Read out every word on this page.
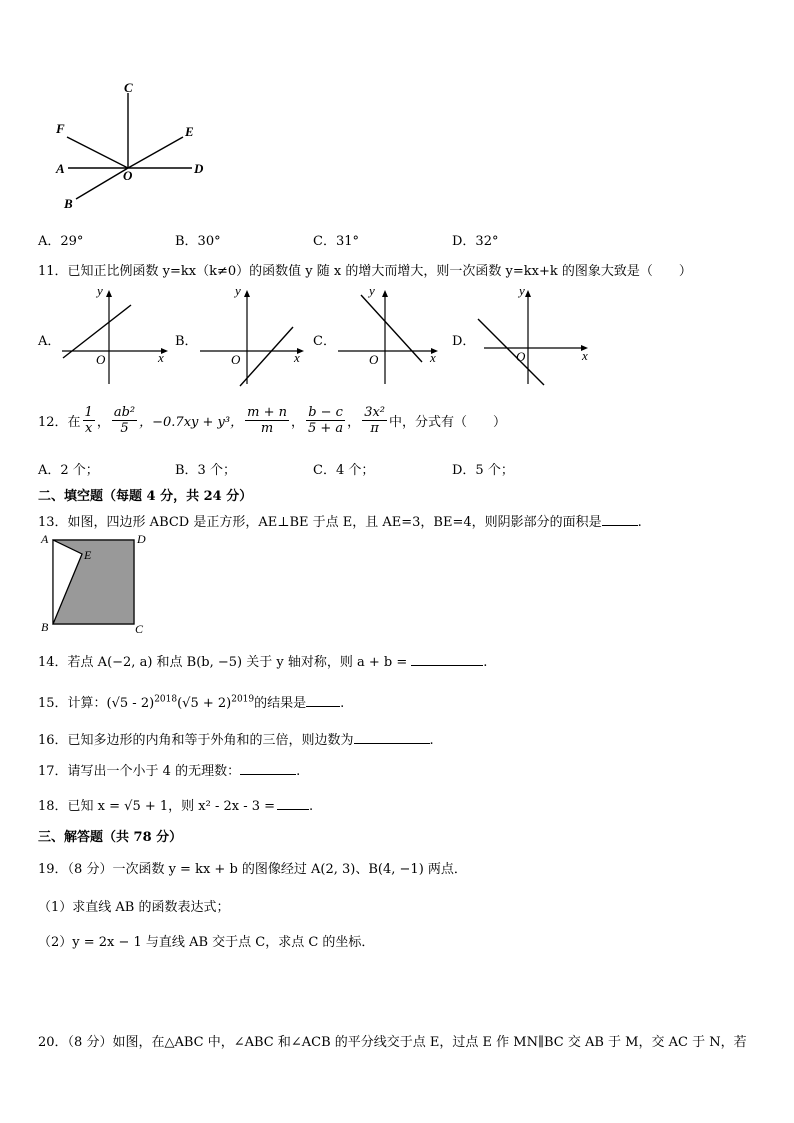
C
F	E
A	O	D
B
A．29°	B．30°	C．31°	D．32°
11．已知正比例函数 y=kx（k≠0）的函数值 y 随 x 的增大而增大，则一次函数 y=kx+k 的图象大致是（　　）
A．	B．	C．	D．
O	x
y
O	x
y
O	x
y
O	x
y
12．在 $\frac{1}{x}$ ， $\frac{\text{ab²}}{5}$ ，−0.7xy + y³， $\frac{m + n}{m}$ ， $\frac{b - c}{5 + a}$ ， $\frac{\text{3x²}}{\pi}$ 中，分式有（　　）
A．2 个；	B．3 个；	C．4 个；	D．5 个；
二、填空题（每题 4 分，共 24 分）
13．如图，四边形 ABCD 是正方形，AE⊥BE 于点 E，且 AE=3，BE=4，则阴影部分的面积是	.
A	D
E
B	C
14．若点 A(−2, a) 和点 B(b, −5) 关于 y 轴对称，则 a + b =	.
15．计算：$(√5 - 2)^{2018}(√5 + 2)^{2019}$的结果是	.
16．已知多边形的内角和等于外角和的三倍，则边数为	.
17．请写出一个小于 4 的无理数：	.
18．已知 x = √5 + 1，则 x² - 2x - 3 =	.
三、解答题（共 78 分）
19．（8 分）一次函数 y = kx + b 的图像经过 A(2, 3)、B(4, −1) 两点．
（1）求直线 AB 的函数表达式；
（2）y = 2x − 1 与直线 AB 交于点 C，求点 C 的坐标．
20．（8 分）如图，在△ABC 中，∠ABC 和∠ACB 的平分线交于点 E，过点 E 作 MN∥BC 交 AB 于 M，交 AC 于 N，若
